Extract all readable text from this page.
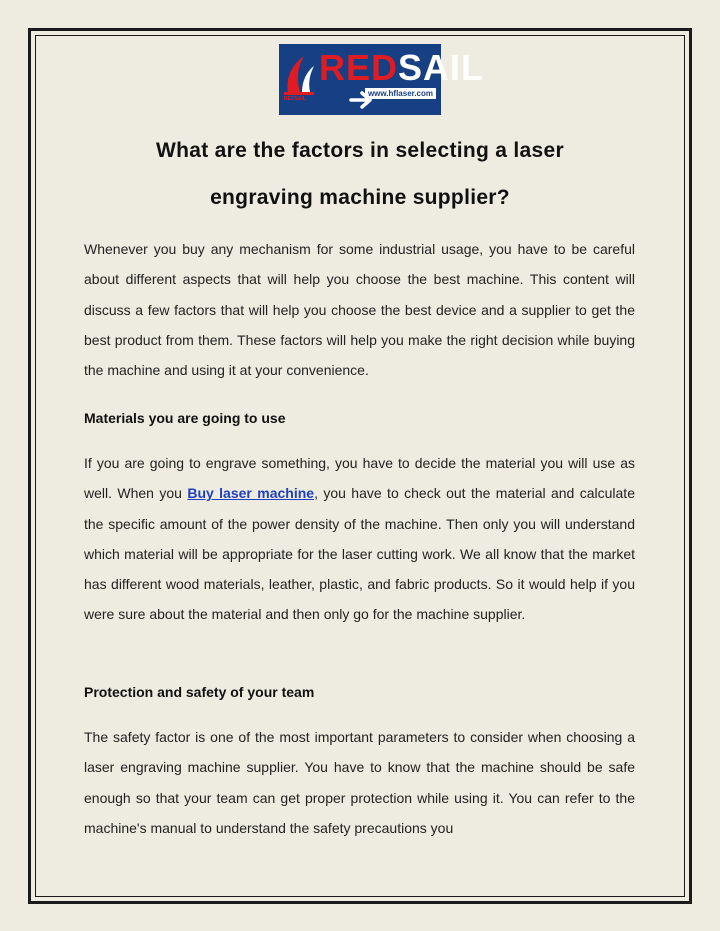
REDSAIL
REDSAIL
www.hflaser.com
What are the factors in selecting a laser
engraving machine supplier?

Whenever you buy any mechanism for some industrial usage, you have to be careful about different aspects that will help you choose the best machine. This content will discuss a few factors that will help you choose the best device and a supplier to get the best product from them. These factors will help you make the right decision while buying the machine and using it at your convenience.

Materials you are going to use

If you are going to engrave something, you have to decide the material you will use as well. When you Buy laser machine, you have to check out the material and calculate the specific amount of the power density of the machine. Then only you will understand which material will be appropriate for the laser cutting work. We all know that the market has different wood materials, leather, plastic, and fabric products. So it would help if you were sure about the material and then only go for the machine supplier.

Protection and safety of your team

The safety factor is one of the most important parameters to consider when choosing a laser engraving machine supplier. You have to know that the machine should be safe enough so that your team can get proper protection while using it. You can refer to the machine's manual to understand the safety precautions you
